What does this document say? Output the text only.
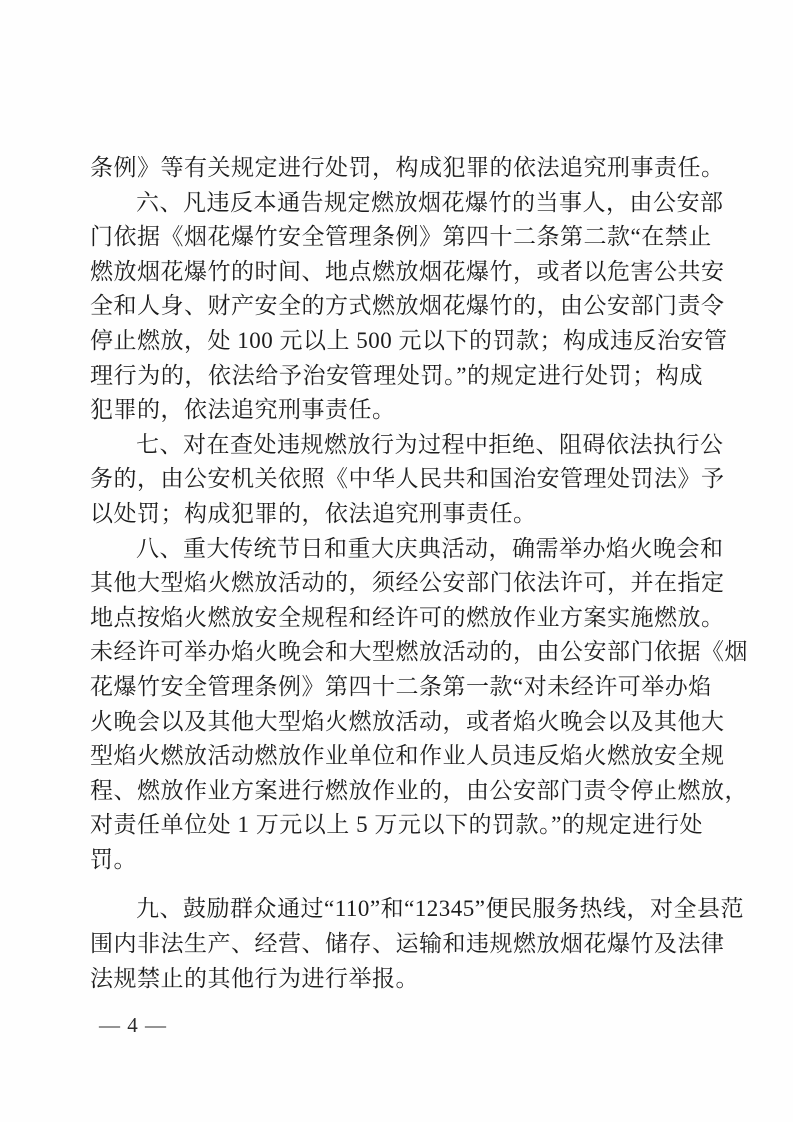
条例》等有关规定进行处罚，构成犯罪的依法追究刑事责任。
六、凡违反本通告规定燃放烟花爆竹的当事人，由公安部
门依据《烟花爆竹安全管理条例》第四十二条第二款“在禁止
燃放烟花爆竹的时间、地点燃放烟花爆竹，或者以危害公共安
全和人身、财产安全的方式燃放烟花爆竹的，由公安部门责令
停止燃放，处 100 元以上 500 元以下的罚款；构成违反治安管
理行为的，依法给予治安管理处罚。”的规定进行处罚；构成
犯罪的，依法追究刑事责任。
七、对在查处违规燃放行为过程中拒绝、阻碍依法执行公
务的，由公安机关依照《中华人民共和国治安管理处罚法》予
以处罚；构成犯罪的，依法追究刑事责任。
八、重大传统节日和重大庆典活动，确需举办焰火晚会和
其他大型焰火燃放活动的，须经公安部门依法许可，并在指定
地点按焰火燃放安全规程和经许可的燃放作业方案实施燃放。
未经许可举办焰火晚会和大型燃放活动的，由公安部门依据《烟
花爆竹安全管理条例》第四十二条第一款“对未经许可举办焰
火晚会以及其他大型焰火燃放活动，或者焰火晚会以及其他大
型焰火燃放活动燃放作业单位和作业人员违反焰火燃放安全规
程、燃放作业方案进行燃放作业的，由公安部门责令停止燃放，
对责任单位处 1 万元以上 5 万元以下的罚款。”的规定进行处
罚。
九、鼓励群众通过“110”和“12345”便民服务热线，对全县范
围内非法生产、经营、储存、运输和违规燃放烟花爆竹及法律
法规禁止的其他行为进行举报。
— 4 —
